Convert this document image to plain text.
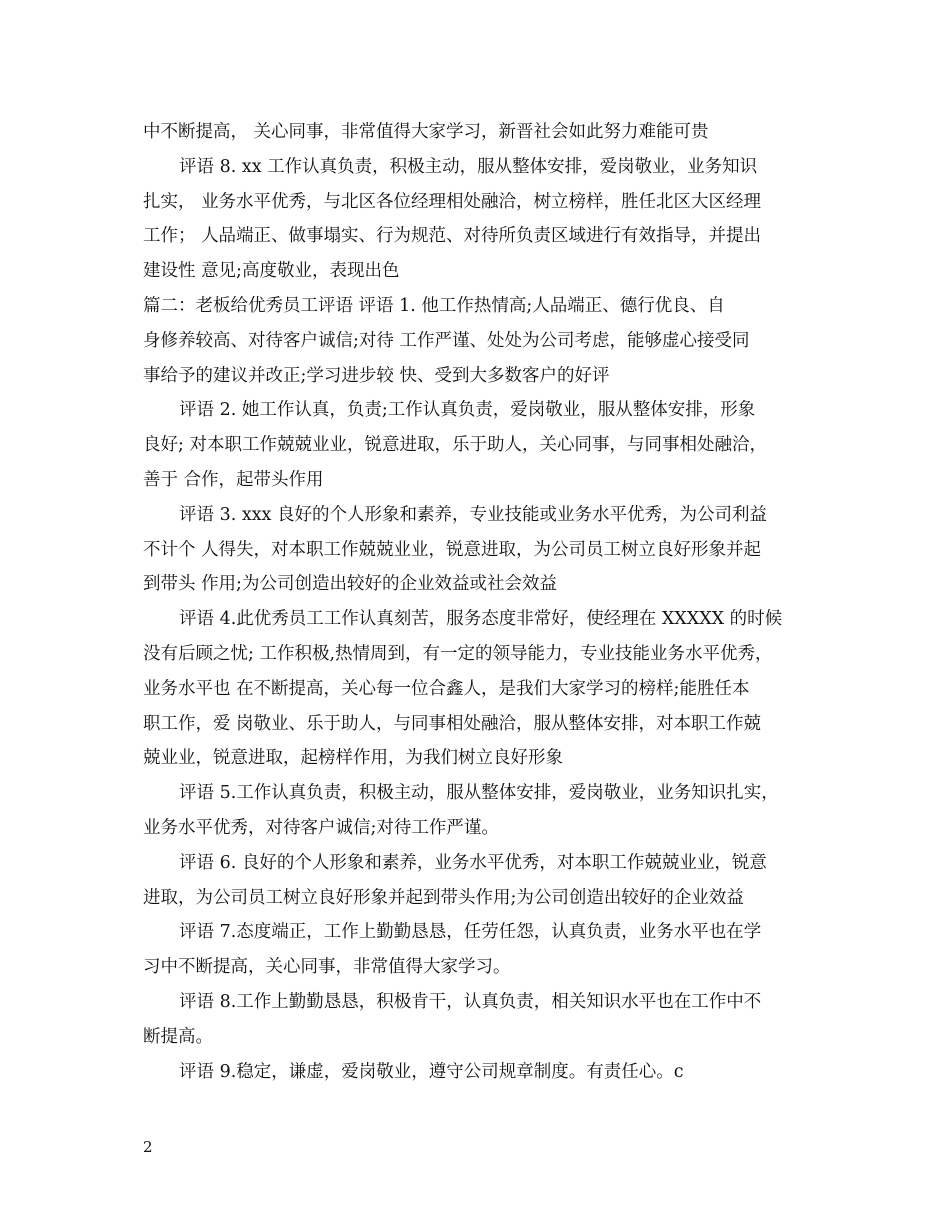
中不断提高， 关心同事，非常值得大家学习，新晋社会如此努力难能可贵
评语 8. xx 工作认真负责，积极主动，服从整体安排，爱岗敬业，业务知识
扎实， 业务水平优秀，与北区各位经理相处融洽，树立榜样，胜任北区大区经理
工作； 人品端正、做事塌实、行为规范、对待所负责区域进行有效指导，并提出
建设性 意见;高度敬业，表现出色
篇二：老板给优秀员工评语 评语 1. 他工作热情高;人品端正、德行优良、自
身修养较高、对待客户诚信;对待 工作严谨、处处为公司考虑，能够虚心接受同
事给予的建议并改正;学习进步较 快、受到大多数客户的好评
评语 2. 她工作认真，负责;工作认真负责，爱岗敬业，服从整体安排，形象
良好; 对本职工作兢兢业业，锐意进取，乐于助人，关心同事，与同事相处融洽，
善于 合作，起带头作用
评语 3. xxx 良好的个人形象和素养，专业技能或业务水平优秀，为公司利益
不计个 人得失，对本职工作兢兢业业，锐意进取，为公司员工树立良好形象并起
到带头 作用;为公司创造出较好的企业效益或社会效益
评语 4.此优秀员工工作认真刻苦，服务态度非常好，使经理在 XXXXX 的时候
没有后顾之忧; 工作积极,热情周到，有一定的领导能力，专业技能业务水平优秀，
业务水平也 在不断提高，关心每一位合鑫人，是我们大家学习的榜样;能胜任本
职工作，爱 岗敬业、乐于助人，与同事相处融洽，服从整体安排，对本职工作兢
兢业业，锐意进取，起榜样作用，为我们树立良好形象
评语 5.工作认真负责，积极主动，服从整体安排，爱岗敬业，业务知识扎实，
业务水平优秀，对待客户诚信;对待工作严谨。
评语 6. 良好的个人形象和素养，业务水平优秀，对本职工作兢兢业业，锐意
进取，为公司员工树立良好形象并起到带头作用;为公司创造出较好的企业效益
评语 7.态度端正，工作上勤勤恳恳，任劳任怨，认真负责，业务水平也在学
习中不断提高，关心同事，非常值得大家学习。
评语 8.工作上勤勤恳恳，积极肯干，认真负责，相关知识水平也在工作中不
断提高。
评语 9.稳定，谦虚，爱岗敬业，遵守公司规章制度。有责任心。c
2
